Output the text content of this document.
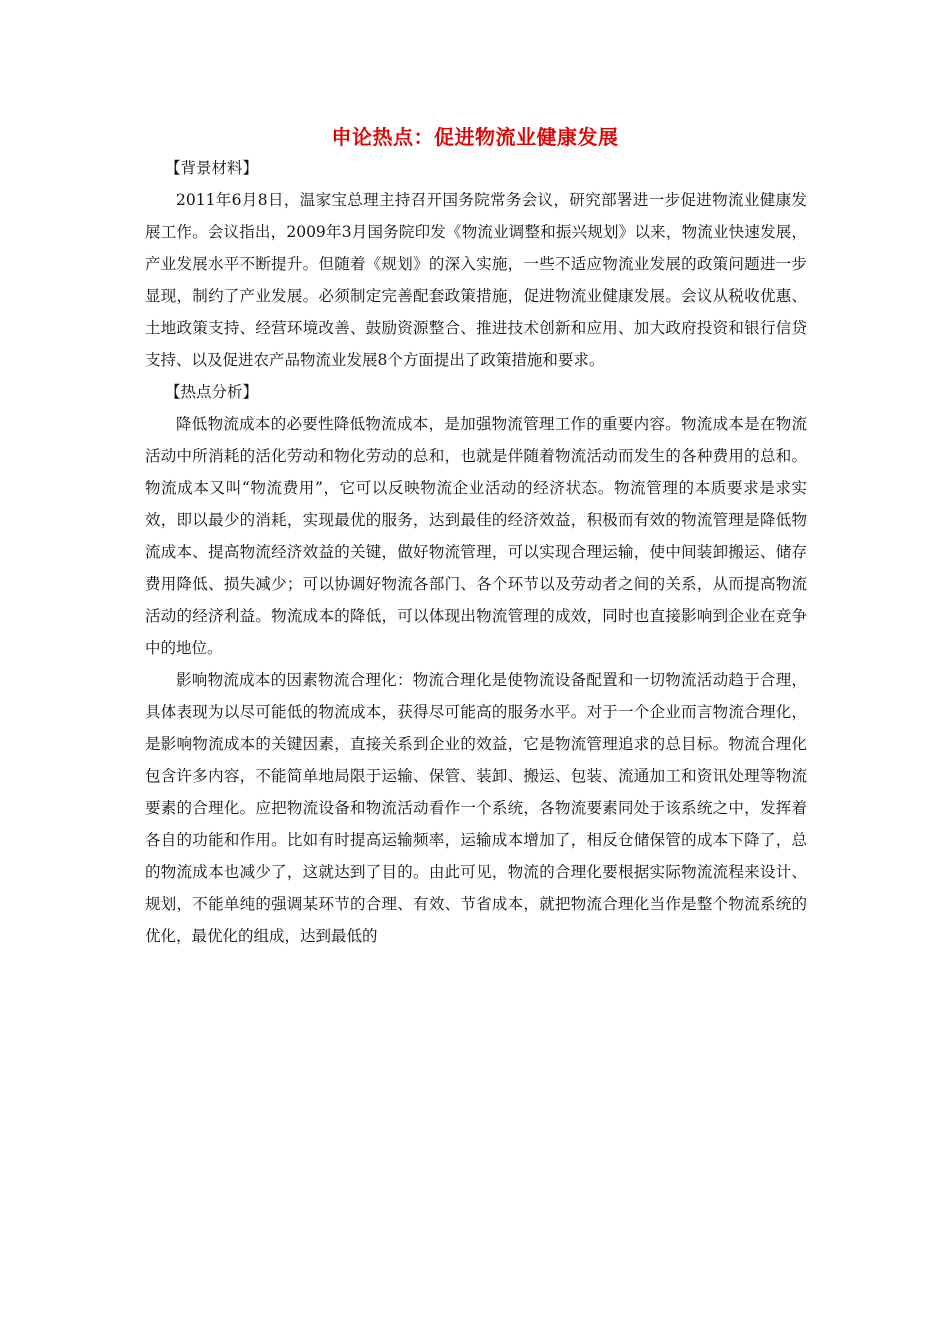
申论热点：促进物流业健康发展

【背景材料】

2011年6月8日，温家宝总理主持召开国务院常务会议，研究部署进一步促进物流业健康发展工作。会议指出，2009年3月国务院印发《物流业调整和振兴规划》以来，物流业快速发展，产业发展水平不断提升。但随着《规划》的深入实施，一些不适应物流业发展的政策问题进一步显现，制约了产业发展。必须制定完善配套政策措施，促进物流业健康发展。会议从税收优惠、土地政策支持、经营环境改善、鼓励资源整合、推进技术创新和应用、加大政府投资和银行信贷支持、以及促进农产品物流业发展8个方面提出了政策措施和要求。

【热点分析】

降低物流成本的必要性降低物流成本，是加强物流管理工作的重要内容。物流成本是在物流活动中所消耗的活化劳动和物化劳动的总和，也就是伴随着物流活动而发生的各种费用的总和。物流成本又叫“物流费用”，它可以反映物流企业活动的经济状态。物流管理的本质要求是求实效，即以最少的消耗，实现最优的服务，达到最佳的经济效益，积极而有效的物流管理是降低物流成本、提高物流经济效益的关键，做好物流管理，可以实现合理运输，使中间装卸搬运、储存费用降低、损失减少；可以协调好物流各部门、各个环节以及劳动者之间的关系，从而提高物流活动的经济利益。物流成本的降低，可以体现出物流管理的成效，同时也直接影响到企业在竞争中的地位。

影响物流成本的因素物流合理化：物流合理化是使物流设备配置和一切物流活动趋于合理，具体表现为以尽可能低的物流成本，获得尽可能高的服务水平。对于一个企业而言物流合理化，是影响物流成本的关键因素，直接关系到企业的效益，它是物流管理追求的总目标。物流合理化包含许多内容，不能简单地局限于运输、保管、装卸、搬运、包装、流通加工和资讯处理等物流要素的合理化。应把物流设备和物流活动看作一个系统，各物流要素同处于该系统之中，发挥着各自的功能和作用。比如有时提高运输频率，运输成本增加了，相反仓储保管的成本下降了，总的物流成本也减少了，这就达到了目的。由此可见，物流的合理化要根据实际物流流程来设计、规划，不能单纯的强调某环节的合理、有效、节省成本，就把物流合理化当作是整个物流系统的优化，最优化的组成，达到最低的
